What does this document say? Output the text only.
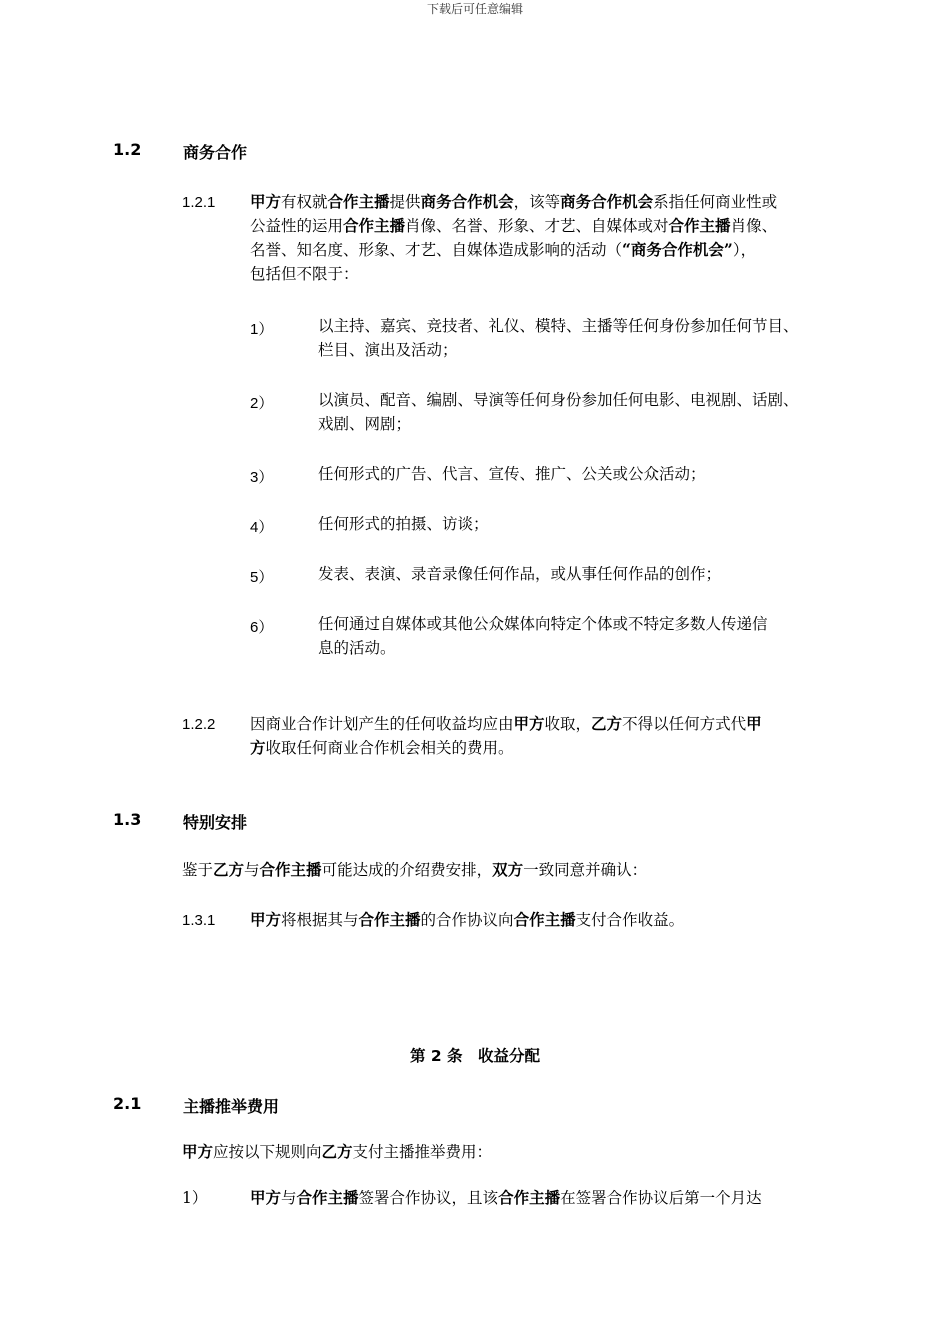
下载后可任意编辑
1.2	商务合作
1.2.1 甲方有权就合作主播提供商务合作机会，该等商务合作机会系指任何商业性或
公益性的运用合作主播肖像、名誉、形象、才艺、自媒体或对合作主播肖像、
名誉、知名度、形象、才艺、自媒体造成影响的活动（“商务合作机会”），
包括但不限于：
1）	以主持、嘉宾、竞技者、礼仪、模特、主播等任何身份参加任何节目、
栏目、演出及活动；
2）	以演员、配音、编剧、导演等任何身份参加任何电影、电视剧、话剧、
戏剧、网剧；
3）	任何形式的广告、代言、宣传、推广、公关或公众活动；
4）	任何形式的拍摄、访谈；
5）	发表、表演、录音录像任何作品，或从事任何作品的创作；
6）	任何通过自媒体或其他公众媒体向特定个体或不特定多数人传递信
息的活动。
1.2.2 因商业合作计划产生的任何收益均应由甲方收取，乙方不得以任何方式代甲
方收取任何商业合作机会相关的费用。
1.3	特别安排
鉴于乙方与合作主播可能达成的介绍费安排，双方一致同意并确认：
1.3.1 甲方将根据其与合作主播的合作协议向合作主播支付合作收益。
第 2 条　收益分配
2.1	主播推举费用
甲方应按以下规则向乙方支付主播推举费用：
1）	甲方与合作主播签署合作协议，且该合作主播在签署合作协议后第一个月达
